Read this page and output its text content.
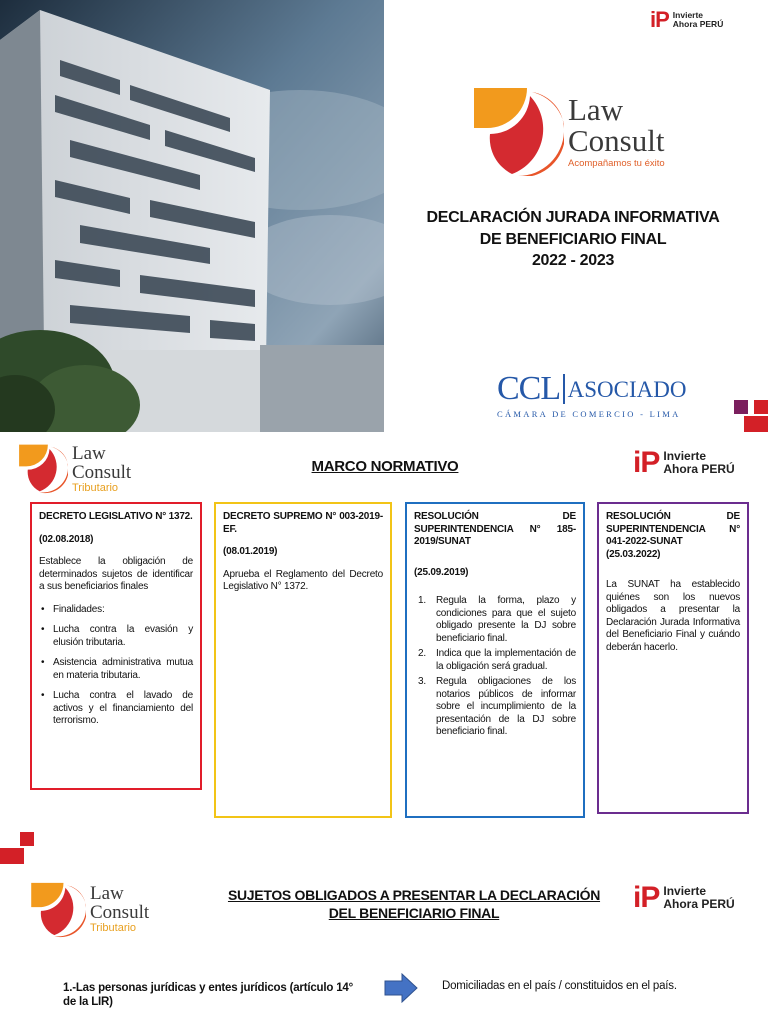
iP Invierte
Ahora PERÚ
Law
Consult
Acompañamos tu éxito
DECLARACIÓN JURADA INFORMATIVA
DE BENEFICIARIO FINAL
2022 - 2023
CCL ASOCIADO
CÁMARA DE COMERCIO - LIMA
Law
Consult
Tributario
MARCO NORMATIVO	iP Invierte
Ahora PERÚ
DECRETO LEGISLATIVO N° 1372.
(02.08.2018)
Establece la obligación de determinados sujetos de identificar a sus beneficiarios finales
• Finalidades:
• Lucha contra la evasión y elusión tributaria.
• Asistencia administrativa mutua en materia tributaria.
• Lucha contra el lavado de activos y el financiamiento del terrorismo.
DECRETO SUPREMO N° 003-2019-EF.
(08.01.2019)
Aprueba el Reglamento del Decreto Legislativo N° 1372.
RESOLUCIÓN DE SUPERINTENDENCIA N° 185-2019/SUNAT
(25.09.2019)
1. Regula la forma, plazo y condiciones para que el sujeto obligado presente la DJ sobre beneficiario final.
2. Indica que la implementación de la obligación será gradual.
3. Regula obligaciones de los notarios públicos de informar sobre el incumplimiento de la presentación de la DJ sobre beneficiario final.
RESOLUCIÓN DE SUPERINTENDENCIA N° 041-2022-SUNAT
(25.03.2022)
La SUNAT ha establecido quiénes son los nuevos obligados a presentar la Declaración Jurada Informativa del Beneficiario Final y cuándo deberán hacerlo.
Law
Consult
Tributario
SUJETOS OBLIGADOS A PRESENTAR LA DECLARACIÓN
DEL BENEFICIARIO FINAL	iP Invierte
Ahora PERÚ
1.-Las personas jurídicas y entes jurídicos (artículo 14° de la LIR)
Domiciliadas en el país / constituidos en el país.
